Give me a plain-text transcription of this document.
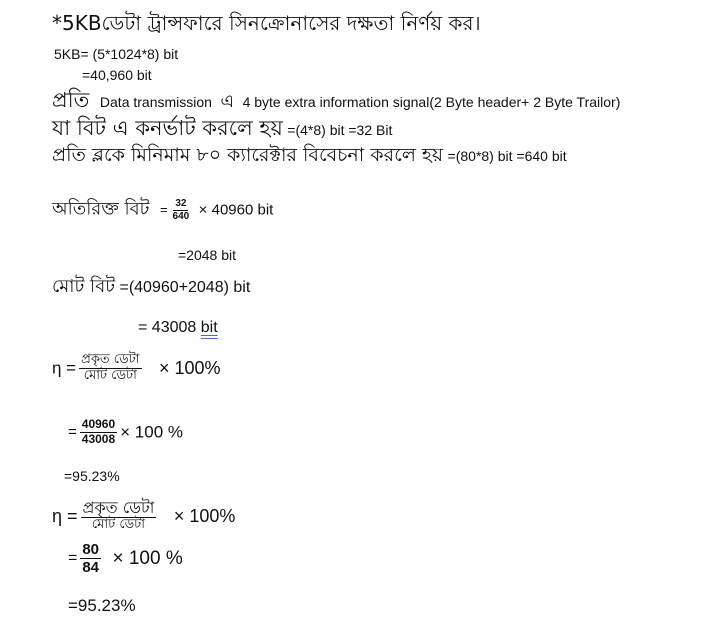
*5KBডেটা ট্রান্সফারে সিনক্রোনাসের দক্ষতা নির্ণয় কর।
5KB= (5*1024*8) bit
=40,960 bit
প্রতি Data transmission এ 4 byte extra information signal(2 Byte header+ 2 Byte Trailor)
যা বিট এ কনর্ভাট করলে হয় =(4*8) bit =32 Bit
প্রতি ব্লকে মিনিমাম ৮০ ক্যারেক্টার বিবেচনা করলে হয় =(80*8) bit =640 bit
অতিরিক্ত বিট = $\frac{32}{640} \times 40960$ bit
=2048 bit
মোট বিট =(40960+2048) bit
= 43008 bit
$\eta = \frac{\text{প্রকৃত ডেটা}}{\text{মোট ডেটা}} \times 100\%$
= $\frac{40960}{43008} \times 100$ %
=95.23%
$\eta = \frac{\text{প্রকৃত ডেটা}}{\text{মোট ডেটা}} \times 100\%$
= $\frac{80}{84} \times 100$ %
=95.23%
